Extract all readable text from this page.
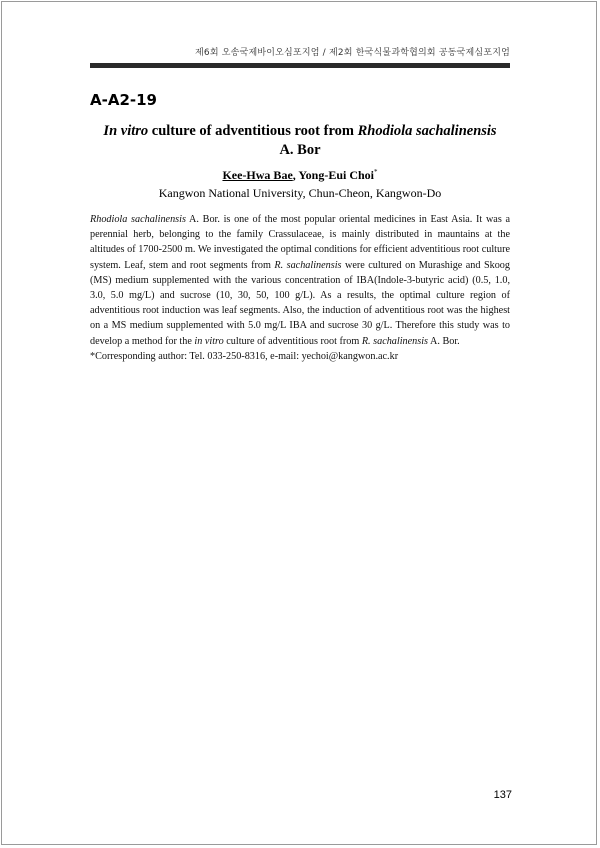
제6회 오송국제바이오심포지엄 / 제2회 한국식물과학협의회 공동국제심포지엄
A-A2-19
In vitro culture of adventitious root from Rhodiola sachalinensis
A. Bor
Kee-Hwa Bae, Yong-Eui Choi*
Kangwon National University, Chun-Cheon, Kangwon-Do

Rhodiola sachalinensis A. Bor. is one of the most popular oriental medicines in East Asia. It was a perennial herb, belonging to the family Crassulaceae, is mainly distributed in mauntains at the altitudes of 1700-2500 m. We investigated the optimal conditions for efficient adventitious root culture system. Leaf, stem and root segments from R. sachalinensis were cultured on Murashige and Skoog (MS) medium supplemented with the various concentration of IBA(Indole-3-butyric acid) (0.5, 1.0, 3.0, 5.0 mg/L) and sucrose (10, 30, 50, 100 g/L). As a results, the optimal culture region of adventitious root induction was leaf segments. Also, the induction of adventitious root was the highest on a MS medium supplemented with 5.0 mg/L IBA and sucrose 30 g/L. Therefore this study was to develop a method for the in vitro culture of adventitious root from R. sachalinensis A. Bor.

*Corresponding author: Tel. 033-250-8316, e-mail: yechoi@kangwon.ac.kr
137
